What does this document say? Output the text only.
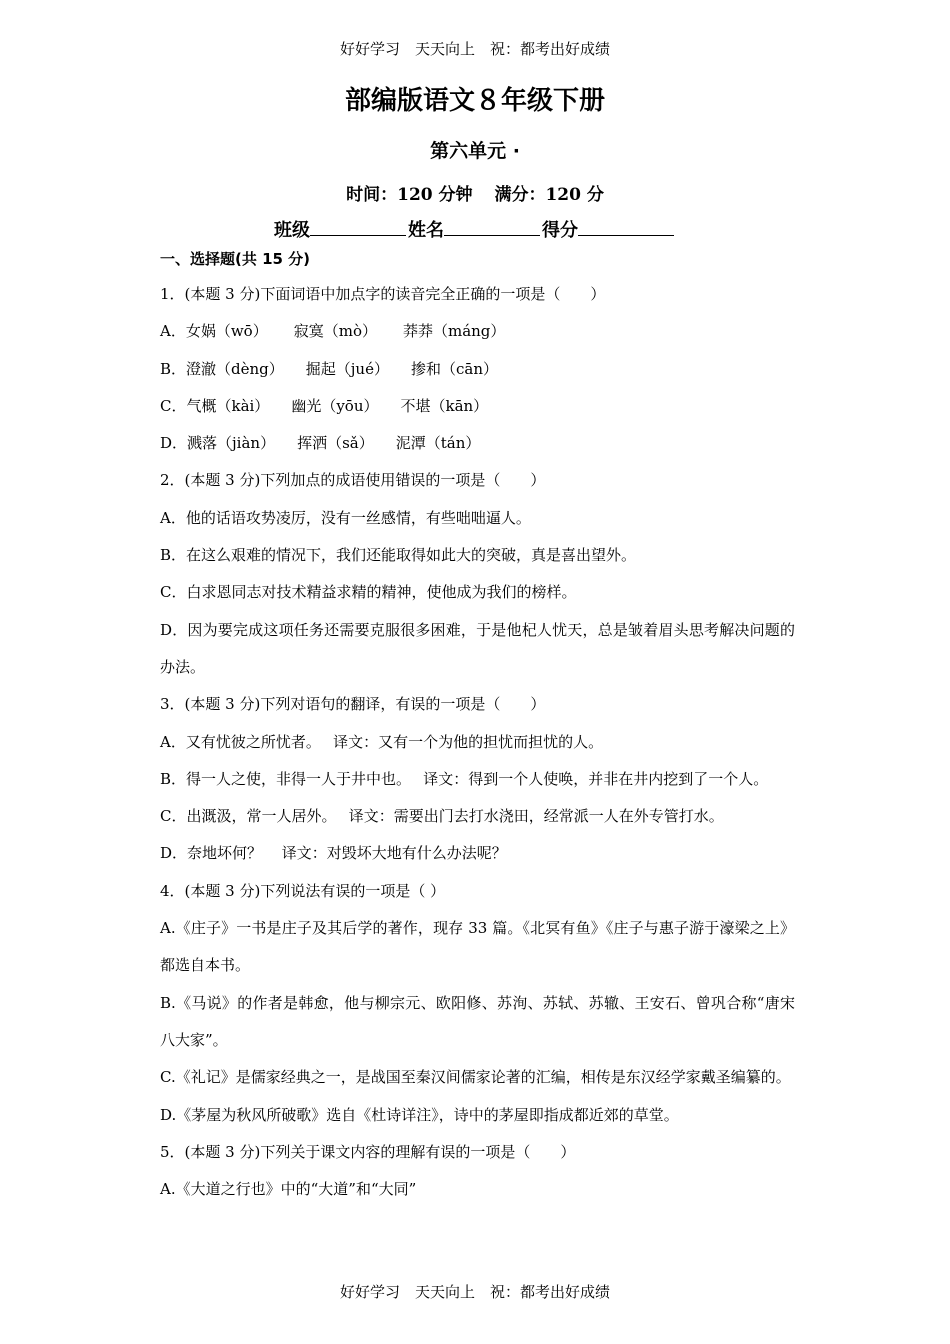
好好学习　天天向上　祝：都考出好成绩
部编版语文８年级下册
第六单元 ·
时间：120 分钟 满分：120 分
班级	姓名	得分
一、选择题(共 15 分)
1．(本题 3 分)下面词语中加点字的读音完全正确的一项是（　　）
A．女娲（wō） 寂寞（mò） 莽莽（máng）
B．澄澈（dèng） 掘起（jué） 掺和（cān）
C．气概（kài） 幽光（yōu） 不堪（kān）
D．溅落（jiàn） 挥洒（sǎ） 泥潭（tán）
2．(本题 3 分)下列加点的成语使用错误的一项是（　　）
A．他的话语攻势凌厉，没有一丝感情，有些咄咄逼人。
B．在这么艰难的情况下，我们还能取得如此大的突破，真是喜出望外。
C．白求恩同志对技术精益求精的精神，使他成为我们的榜样。
D．因为要完成这项任务还需要克服很多困难，于是他杞人忧天，总是皱着眉头思考解决问题的办法。
3．(本题 3 分)下列对语句的翻译，有误的一项是（　　）
A．又有忧彼之所忧者。　 译文：又有一个为他的担忧而担忧的人。
B．得一人之使，非得一人于井中也。　 译文：得到一个人使唤，并非在井内挖到了一个人。
C．出溉汲，常一人居外。　 译文：需要出门去打水浇田，经常派一人在外专管打水。
D．奈地坏何？　 译文：对毁坏大地有什么办法呢？
4．(本题 3 分)下列说法有误的一项是（ ）
A.《庄子》一书是庄子及其后学的著作，现存 33 篇。《北冥有鱼》《庄子与惠子游于濠梁之上》都选自本书。
B.《马说》的作者是韩愈，他与柳宗元、欧阳修、苏洵、苏轼、苏辙、王安石、曾巩合称“唐宋八大家”。
C.《礼记》是儒家经典之一，是战国至秦汉间儒家论著的汇编，相传是东汉经学家戴圣编纂的。
D.《茅屋为秋风所破歌》选自《杜诗详注》，诗中的茅屋即指成都近郊的草堂。
5．(本题 3 分)下列关于课文内容的理解有误的一项是（　　）
A.《大道之行也》中的“大道”和“大同”
好好学习　天天向上　祝：都考出好成绩
